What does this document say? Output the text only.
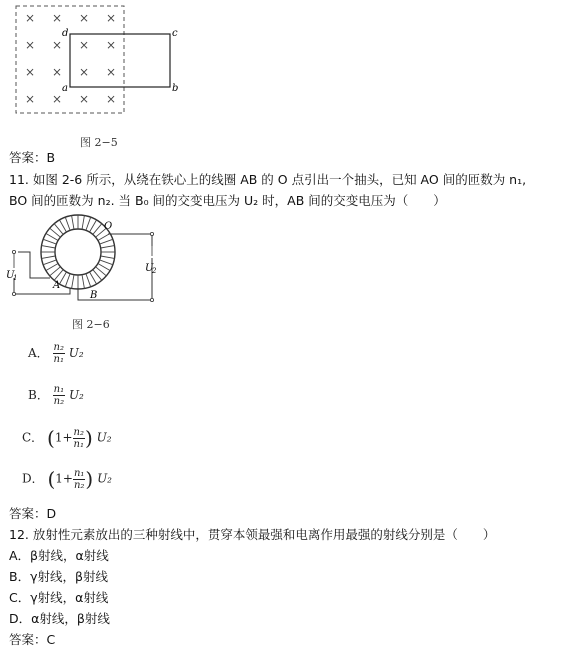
× × × ×
× × × ×
× × × ×
× × × ×
d	c
a	b
图 2−5
答案：B
11. 如图 2-6 所示，从绕在铁心上的线圈 AB 的 O 点引出一个抽头，已知 AO 间的匝数为 n₁,
BO 间的匝数为 n₂. 当 B₀ 间的交变电压为 U₂ 时，AB 间的交变电压为（　　）
O
A
B
U
1
U
2
图 2−6
A． $\frac{\text{n₂}}{\text{n₁}} U_2$
B． $\frac{\text{n₁}}{\text{n₂}} U_2$
C． ($1+ \frac{\text{n₂}}{\text{n₁}}$ ) U₂
D． ($1+ \frac{\text{n₁}}{\text{n₂}}$ ) U₂
答案：D
12. 放射性元素放出的三种射线中，贯穿本领最强和电离作用最强的射线分别是（　　）
A．β射线，α射线
B．γ射线，β射线
C．γ射线，α射线
D．α射线，β射线
答案：C
